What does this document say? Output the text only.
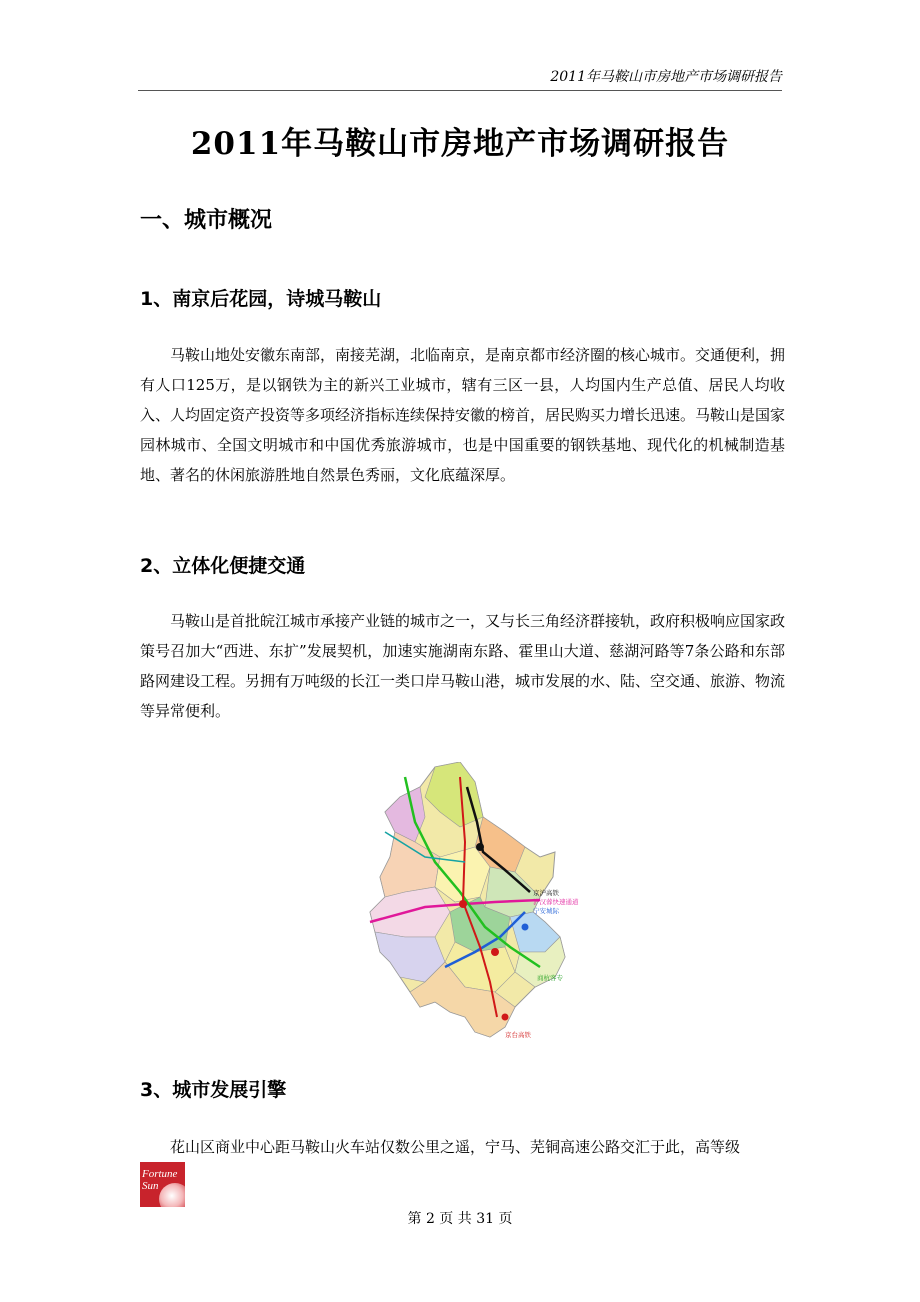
2011年马鞍山市房地产市场调研报告
2011年马鞍山市房地产市场调研报告
一、城市概况
1、南京后花园，诗城马鞍山
马鞍山地处安徽东南部，南接芜湖，北临南京，是南京都市经济圈的核心城市。交通便利，拥有人口125万，是以钢铁为主的新兴工业城市，辖有三区一县，人均国内生产总值、居民人均收入、人均固定资产投资等多项经济指标连续保持安徽的榜首，居民购买力增长迅速。马鞍山是国家园林城市、全国文明城市和中国优秀旅游城市，也是中国重要的钢铁基地、现代化的机械制造基地、著名的休闲旅游胜地自然景色秀丽，文化底蕴深厚。
2、立体化便捷交通
马鞍山是首批皖江城市承接产业链的城市之一，又与长三角经济群接轨，政府积极响应国家政策号召加大“西进、东扩”发展契机，加速实施湖南东路、霍里山大道、慈湖河路等7条公路和东部路网建设工程。另拥有万吨级的长江一类口岸马鞍山港，城市发展的水、陆、空交通、旅游、物流等异常便利。
京沪高铁
沪汉蓉快速通道
宁安城际
商杭客专
京台高铁
3、城市发展引擎
花山区商业中心距马鞍山火车站仅数公里之遥，宁马、芜铜高速公路交汇于此，高等级
Fortune
Sun
第 2 页 共 31 页
